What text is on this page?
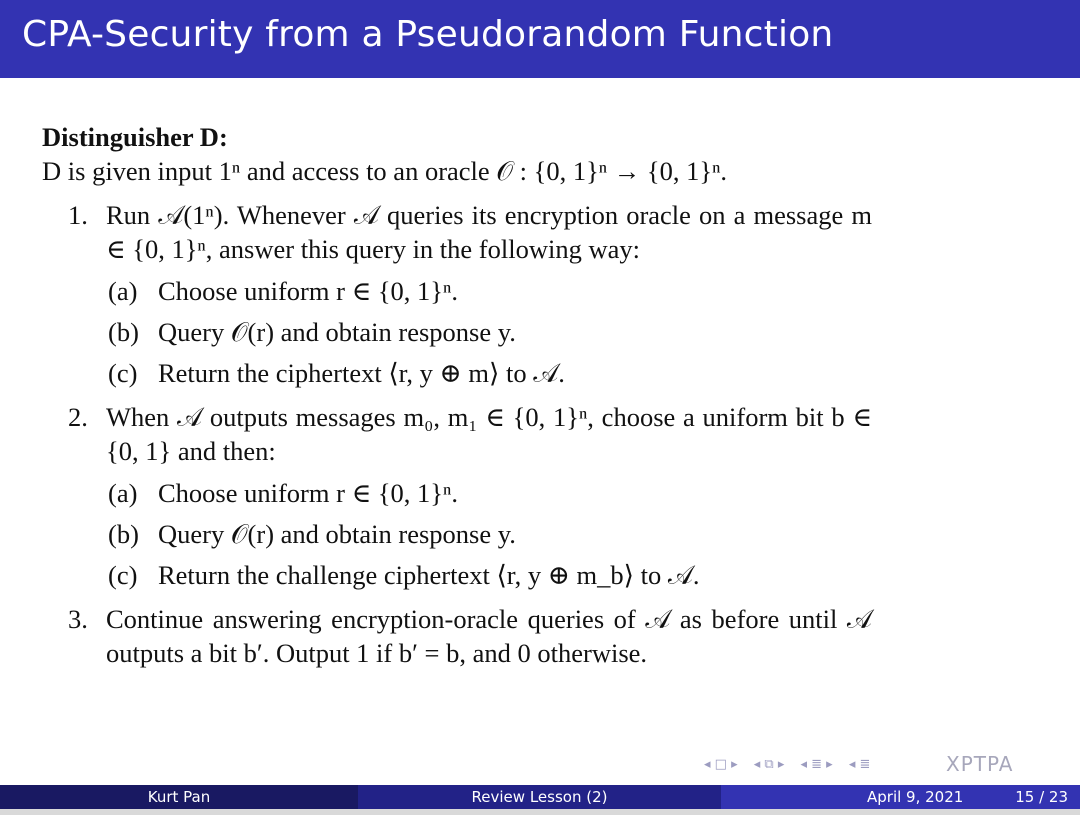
CPA-Security from a Pseudorandom Function

Distinguisher D:

D is given input 1ⁿ and access to an oracle 𝒪 : {0, 1}ⁿ → {0, 1}ⁿ.

1. Run 𝒜(1ⁿ). Whenever 𝒜 queries its encryption oracle on a message m ∈ {0, 1}ⁿ, answer this query in the following way:
(a) Choose uniform r ∈ {0, 1}ⁿ.
(b) Query 𝒪(r) and obtain response y.
(c) Return the ciphertext ⟨r, y ⊕ m⟩ to 𝒜.
2. When 𝒜 outputs messages m₀, m₁ ∈ {0, 1}ⁿ, choose a uniform bit b ∈ {0, 1} and then:
(a) Choose uniform r ∈ {0, 1}ⁿ.
(b) Query 𝒪(r) and obtain response y.
(c) Return the challenge ciphertext ⟨r, y ⊕ m_b⟩ to 𝒜.
3. Continue answering encryption-oracle queries of 𝒜 as before until 𝒜 outputs a bit b′. Output 1 if b′ = b, and 0 otherwise.
◂ □ ▸ ◂ ⧉ ▸ ◂ ≣ ▸ ◂ ≣	XPTPA
Kurt Pan	Review Lesson (2)	April 9, 2021	15 / 23
